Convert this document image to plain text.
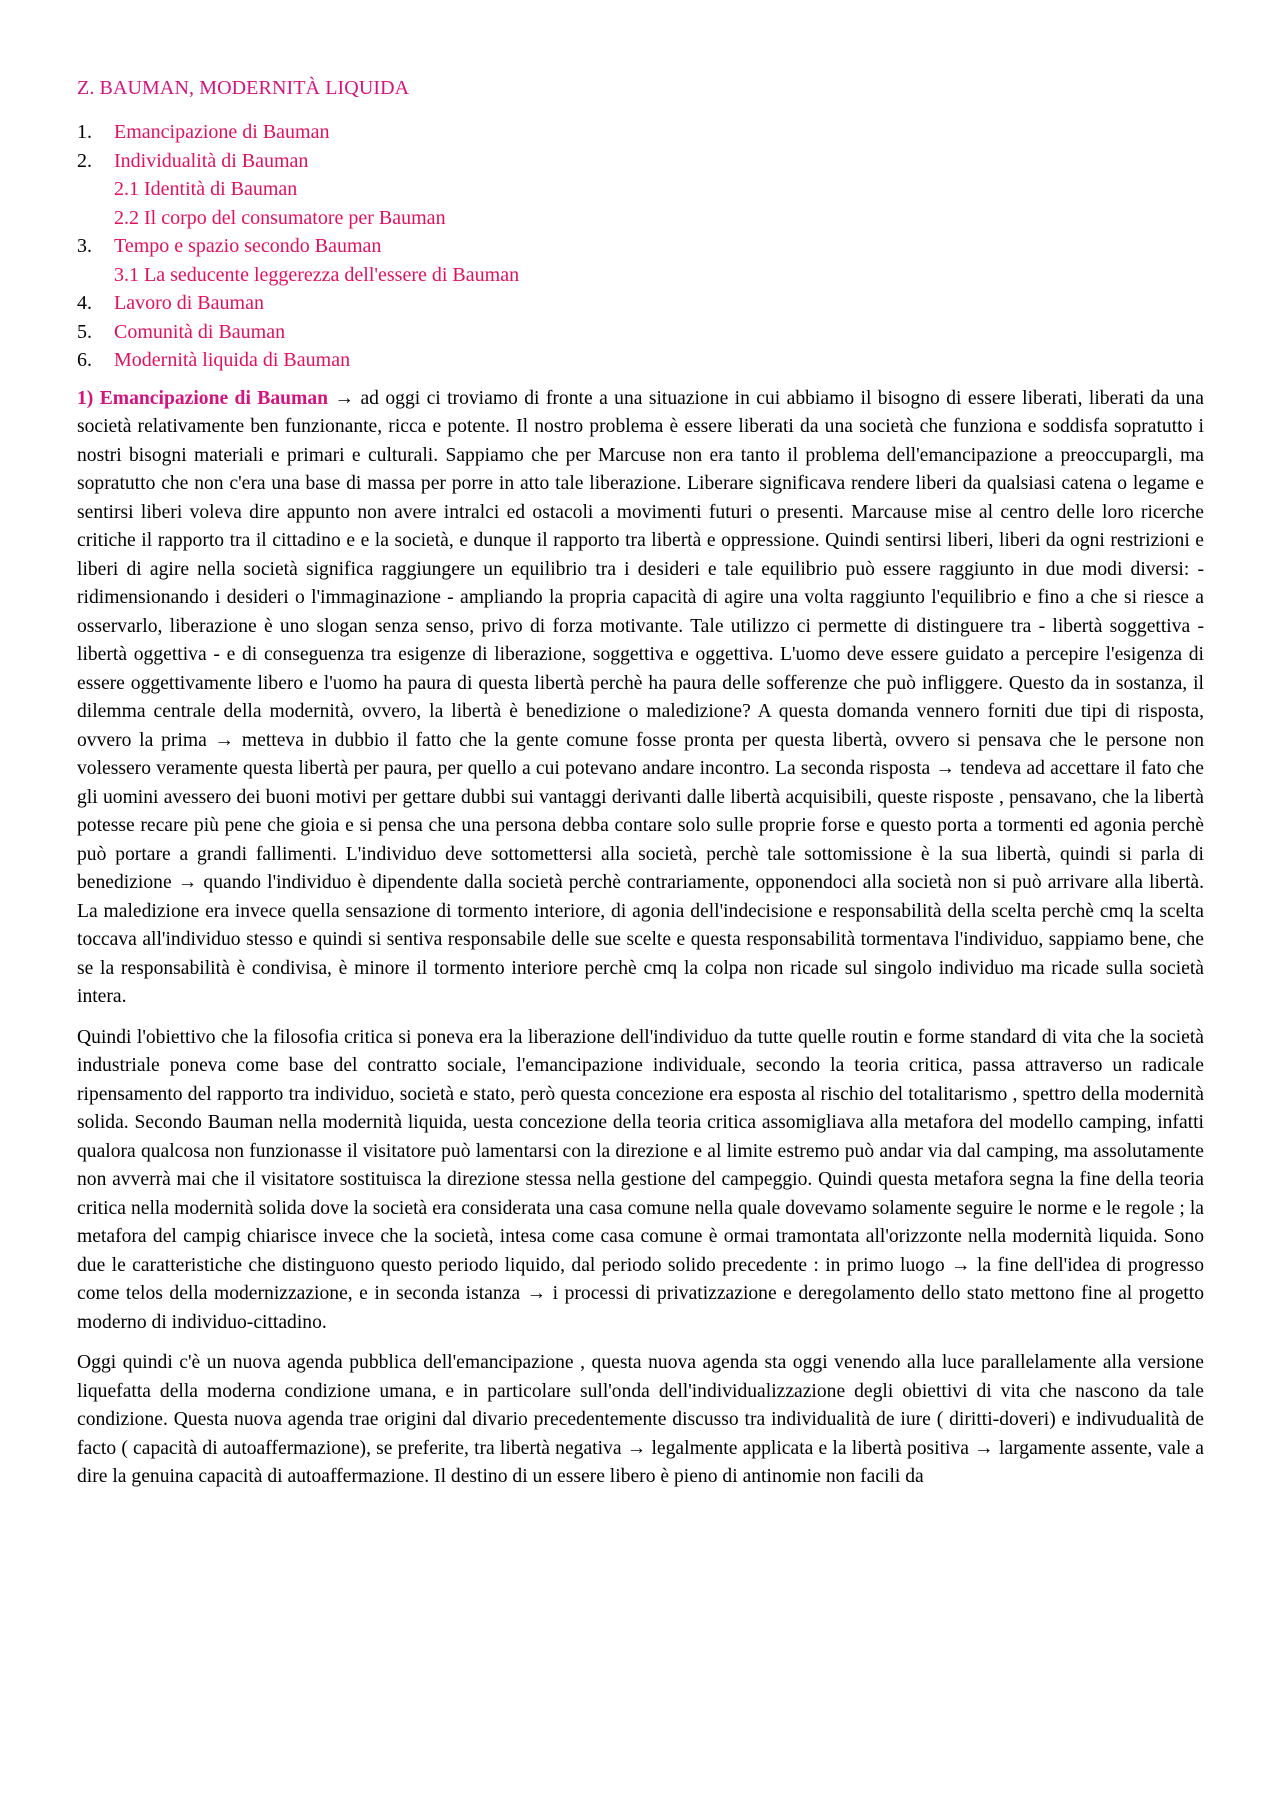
Z. BAUMAN, MODERNITÀ LIQUIDA
1. Emancipazione di Bauman
2. Individualità di Bauman
2.1 Identità di Bauman
2.2 Il corpo del consumatore per Bauman
3. Tempo e spazio secondo Bauman
3.1 La seducente leggerezza dell'essere di Bauman
4. Lavoro di Bauman
5. Comunità di Bauman
6. Modernità liquida di Bauman

1) Emancipazione di Bauman → ad oggi ci troviamo di fronte a una situazione in cui abbiamo il bisogno di essere liberati, liberati da una società relativamente ben funzionante, ricca e potente. Il nostro problema è essere liberati da una società che funziona e soddisfa sopratutto i nostri bisogni materiali e primari e culturali. Sappiamo che per Marcuse non era tanto il problema dell'emancipazione a preoccupargli, ma sopratutto che non c'era una base di massa per porre in atto tale liberazione. Liberare significava rendere liberi da qualsiasi catena o legame e sentirsi liberi voleva dire appunto non avere intralci ed ostacoli a movimenti futuri o presenti. Marcause mise al centro delle loro ricerche critiche il rapporto tra il cittadino e e la società, e dunque il rapporto tra libertà e oppressione. Quindi sentirsi liberi, liberi da ogni restrizioni e liberi di agire nella società significa raggiungere un equilibrio tra i desideri e tale equilibrio può essere raggiunto in due modi diversi: ‑ ridimensionando i desideri o l'immaginazione ‑ ampliando la propria capacità di agire una volta raggiunto l'equilibrio e fino a che si riesce a osservarlo, liberazione è uno slogan senza senso, privo di forza motivante. Tale utilizzo ci permette di distinguere tra ‑ libertà soggettiva ‑ libertà oggettiva ‑ e di conseguenza tra esigenze di liberazione, soggettiva e oggettiva. L'uomo deve essere guidato a percepire l'esigenza di essere oggettivamente libero e l'uomo ha paura di questa libertà perchè ha paura delle sofferenze che può infliggere. Questo da in sostanza, il dilemma centrale della modernità, ovvero, la libertà è benedizione o maledizione? A questa domanda vennero forniti due tipi di risposta, ovvero la prima → metteva in dubbio il fatto che la gente comune fosse pronta per questa libertà, ovvero si pensava che le persone non volessero veramente questa libertà per paura, per quello a cui potevano andare incontro. La seconda risposta → tendeva ad accettare il fato che gli uomini avessero dei buoni motivi per gettare dubbi sui vantaggi derivanti dalle libertà acquisibili, queste risposte , pensavano, che la libertà potesse recare più pene che gioia e si pensa che una persona debba contare solo sulle proprie forse e questo porta a tormenti ed agonia perchè può portare a grandi fallimenti. L'individuo deve sottomettersi alla società, perchè tale sottomissione è la sua libertà, quindi si parla di benedizione → quando l'individuo è dipendente dalla società perchè contrariamente, opponendoci alla società non si può arrivare alla libertà. La maledizione era invece quella sensazione di tormento interiore, di agonia dell'indecisione e responsabilità della scelta perchè cmq la scelta toccava all'individuo stesso e quindi si sentiva responsabile delle sue scelte e questa responsabilità tormentava l'individuo, sappiamo bene, che se la responsabilità è condivisa, è minore il tormento interiore perchè cmq la colpa non ricade sul singolo individuo ma ricade sulla società intera.

Quindi l'obiettivo che la filosofia critica si poneva era la liberazione dell'individuo da tutte quelle routin e forme standard di vita che la società industriale poneva come base del contratto sociale, l'emancipazione individuale, secondo la teoria critica, passa attraverso un radicale ripensamento del rapporto tra individuo, società e stato, però questa concezione era esposta al rischio del totalitarismo , spettro della modernità solida. Secondo Bauman nella modernità liquida, uesta concezione della teoria critica assomigliava alla metafora del modello camping, infatti qualora qualcosa non funzionasse il visitatore può lamentarsi con la direzione e al limite estremo può andar via dal camping, ma assolutamente non avverrà mai che il visitatore sostituisca la direzione stessa nella gestione del campeggio. Quindi questa metafora segna la fine della teoria critica nella modernità solida dove la società era considerata una casa comune nella quale dovevamo solamente seguire le norme e le regole ; la metafora del campig chiarisce invece che la società, intesa come casa comune è ormai tramontata all'orizzonte nella modernità liquida. Sono due le caratteristiche che distinguono questo periodo liquido, dal periodo solido precedente : in primo luogo → la fine dell'idea di progresso come telos della modernizzazione, e in seconda istanza → i processi di privatizzazione e deregolamento dello stato mettono fine al progetto moderno di individuo-cittadino.

Oggi quindi c'è un nuova agenda pubblica dell'emancipazione , questa nuova agenda sta oggi venendo alla luce parallelamente alla versione liquefatta della moderna condizione umana, e in particolare sull'onda dell'individualizzazione degli obiettivi di vita che nascono da tale condizione. Questa nuova agenda trae origini dal divario precedentemente discusso tra individualità de iure ( diritti-doveri) e indivudualità de facto ( capacità di autoaffermazione), se preferite, tra libertà negativa → legalmente applicata e la libertà positiva → largamente assente, vale a dire la genuina capacità di autoaffermazione. Il destino di un essere libero è pieno di antinomie non facili da
